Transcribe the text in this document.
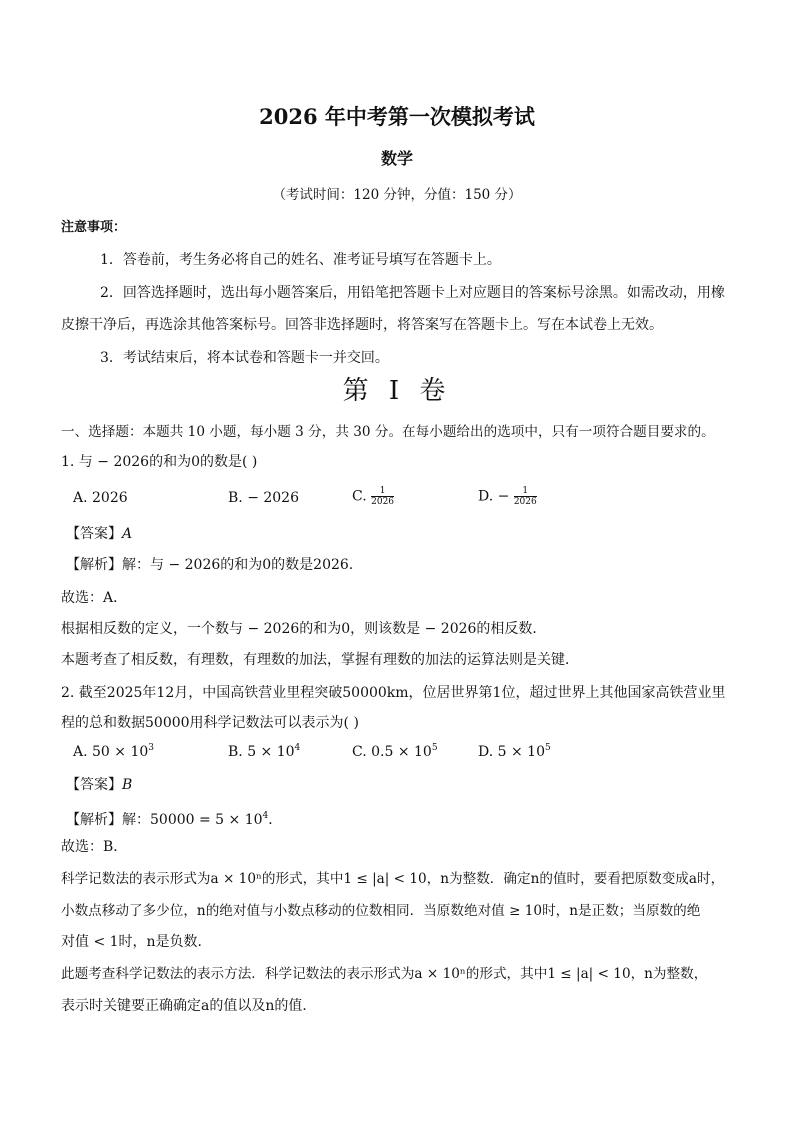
2026 年中考第一次模拟考试
数学
（考试时间：120 分钟，分值：150 分）
注意事项：
1．答卷前，考生务必将自己的姓名、准考证号填写在答题卡上。
2．回答选择题时，选出每小题答案后，用铅笔把答题卡上对应题目的答案标号涂黑。如需改动，用橡
皮擦干净后，再选涂其他答案标号。回答非选择题时，将答案写在答题卡上。写在本试卷上无效。
3．考试结束后，将本试卷和答题卡一并交回。
第 I 卷
一、选择题：本题共 10 小题，每小题 3 分，共 30 分。在每小题给出的选项中，只有一项符合题目要求的。
1. 与 − 2026的和为0的数是( )
A. 2026	B. − 2026	C. $\frac{1}{2026}$	D. − $\frac{1}{2026}$
【答案】A
【解析】解：与 − 2026的和为0的数是2026.
故选：A．
根据相反数的定义，一个数与 − 2026的和为0，则该数是 − 2026的相反数．
本题考查了相反数，有理数，有理数的加法，掌握有理数的加法的运算法则是关键．
2. 截至2025年12月，中国高铁营业里程突破50000km，位居世界第1位，超过世界上其他国家高铁营业里
程的总和数据50000用科学记数法可以表示为( )
A. $50 \times 10^3$	B. $5 \times 10^4$	C. $0.5 \times 10^5$	D. $5 \times 10^5$
【答案】B
【解析】解：$50000 = 5 \times 10^4$．
故选：B．
科学记数法的表示形式为a × 10ⁿ的形式，其中1 ≤ |a| < 10，n为整数．确定n的值时，要看把原数变成a时，
小数点移动了多少位，n的绝对值与小数点移动的位数相同．当原数绝对值 ≥ 10时，n是正数；当原数的绝
对值 < 1时，n是负数．
此题考查科学记数法的表示方法．科学记数法的表示形式为a × 10ⁿ的形式，其中1 ≤ |a| < 10，n为整数，
表示时关键要正确确定a的值以及n的值．
